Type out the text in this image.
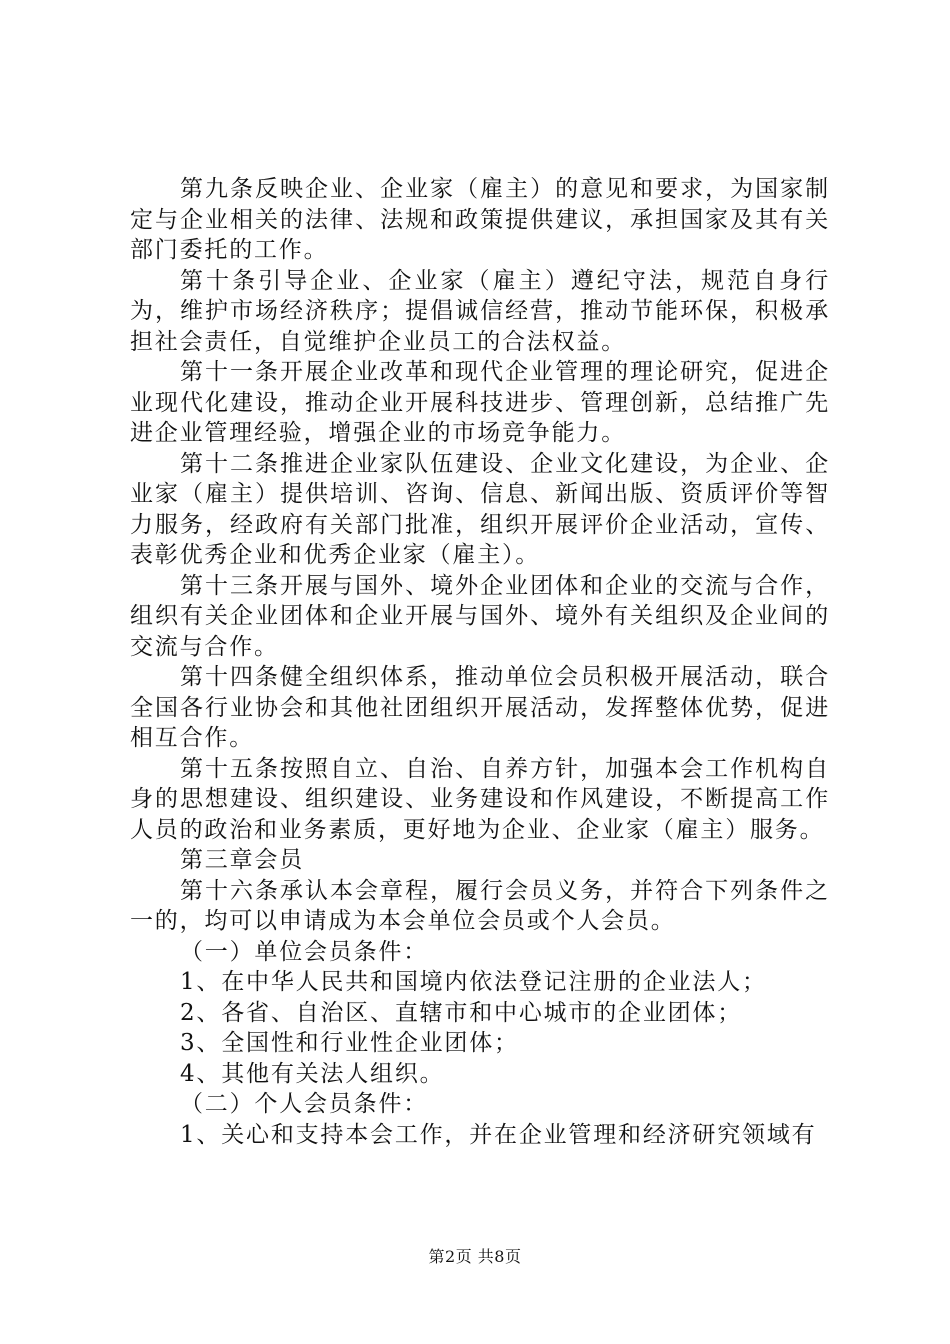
第九条反映企业、企业家（雇主）的意见和要求，为国家制定与企业相关的法律、法规和政策提供建议，承担国家及其有关部门委托的工作。

第十条引导企业、企业家（雇主）遵纪守法，规范自身行为，维护市场经济秩序；提倡诚信经营，推动节能环保，积极承担社会责任，自觉维护企业员工的合法权益。

第十一条开展企业改革和现代企业管理的理论研究，促进企业现代化建设，推动企业开展科技进步、管理创新，总结推广先进企业管理经验，增强企业的市场竞争能力。

第十二条推进企业家队伍建设、企业文化建设，为企业、企业家（雇主）提供培训、咨询、信息、新闻出版、资质评价等智力服务，经政府有关部门批准，组织开展评价企业活动，宣传、表彰优秀企业和优秀企业家（雇主）。

第十三条开展与国外、境外企业团体和企业的交流与合作，组织有关企业团体和企业开展与国外、境外有关组织及企业间的交流与合作。

第十四条健全组织体系，推动单位会员积极开展活动，联合全国各行业协会和其他社团组织开展活动，发挥整体优势，促进相互合作。

第十五条按照自立、自治、自养方针，加强本会工作机构自身的思想建设、组织建设、业务建设和作风建设，不断提高工作人员的政治和业务素质，更好地为企业、企业家（雇主）服务。

第三章会员

第十六条承认本会章程，履行会员义务，并符合下列条件之一的，均可以申请成为本会单位会员或个人会员。

（一）单位会员条件：

1、在中华人民共和国境内依法登记注册的企业法人；

2、各省、自治区、直辖市和中心城市的企业团体；

3、全国性和行业性企业团体；

4、其他有关法人组织。

（二）个人会员条件：

1、关心和支持本会工作，并在企业管理和经济研究领域有

第2页 共8页
